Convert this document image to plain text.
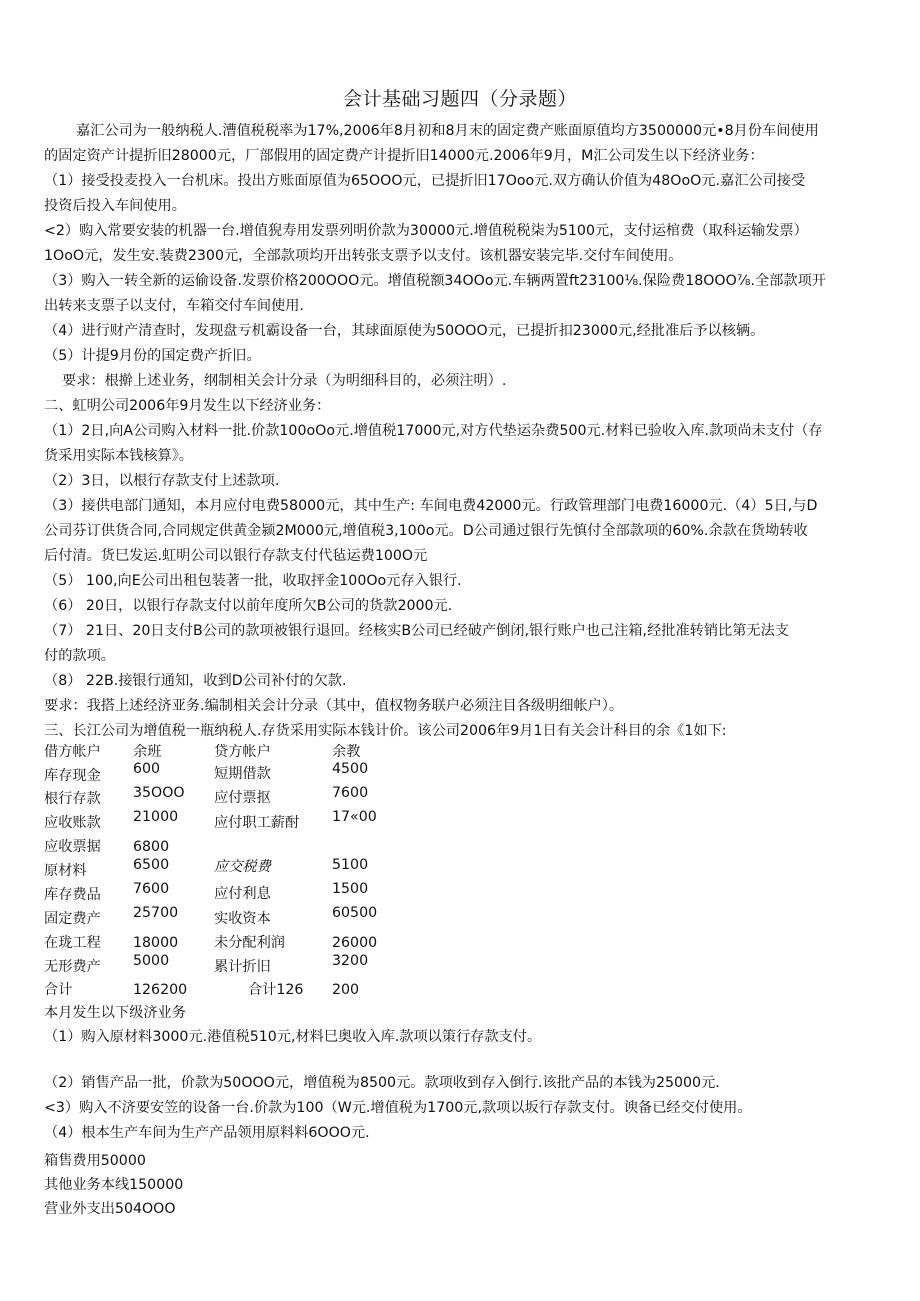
会计基础习题四（分录题）
嘉汇公司为一般纳税人.漕值税税率为17%,2006年8月初和8月末的固定费产账面原值均方3500000元•8月份车间使用
的固定资产计提折旧28000元，厂部假用的固定费产计提折旧14000元.2006年9月，M汇公司发生以下经济业务：
（1）接受投麦投入一台机床。投出方账面原值为65OOO元，已提折旧17Ooo元.双方确认价值为48OoO元.嘉汇公司接受
投资后投入车间使用。
<2）购入常要安装的机器一台.增值猊寿用发票列明价款为30000元.增值税税柒为5100元，支付运棺费（取科运输发票）
1OoO元，发生安.装费2300元，全部款项均开出转张支票予以支付。该机器安装完毕.交付车间使用。
（3）购入一转全新的运偷设备.发票价格200OOO元。增值税额34OOo元.车辆两置ft23100⅛.保险费18OOO⅞.全部款项开
出转来支票子以支付，车箱交付车间使用.
（4）进行财产清查时，发现盘亏机霸设备一台，其球面原使为50OOO元，已提折扣23000元,经批准后予以核辆。
（5）计提9月份的国定费产折旧。
要求：根擀上述业务，纲制相关会计分录（为明细科目的，必须注明）.
二、虹明公司2006年9月发生以下经济业务：
（1）2日,向A公司购入材料一批.价款100oOo元.增值税17000元,对方代垫运杂费500元.材料已验收入库.款项尚未支付（存
货采用实际本钱核算》。
（2）3日，以根行存款支付上述款项.
（3）接供电部门通知，本月应付电费58000元，其中生产: 车间电费42000元。行政管理部门电费16000元.（4）5日,与D
公司芬订供货合同,合同规定供黄金颍2M000元,增值税3,100o元。D公司通过银行先慎付全部款项的60%.余款在货坳转收
后付清。货巳发运.虹明公司以银行存款支付代毡运费100O元
（5） 100,向E公司出租包装著一批，收取抨金100Oo元存入银行.
（6） 20日，以银行存款支付以前年度所欠B公司的货款2000元.
（7） 21日、20日支付B公司的款项被银行退回。经核实B公司已经破产倒闭,银行账户也己注箱,经批准转销比第无法支
付的款项。
（8） 22B.接银行通知，收到D公司补付的欠款.
要求：我搭上述经济亚务.编制相关会计分录（其中，值权物务联户必须注目各级明细帐户）。
三、长江公司为增值税一瓶纳税人.存货采用实际本钱计价。该公司2006年9月1日有关会计科目的余《1如下:
借方帐户 余班	贷方帐户	余教
库存现金 600	短期借款	4500
根行存款 35OOO 应付票抠	7600
应收账款 21000	应付职工薪酎 17«00
应收票据 6800
原材料	6500	应交税费	5100
库存费品 7600	应付利息	1500
固定费产 25700	实收资本	60500
在珑工程 18000	未分配利润	26000
无形费产 5000	累计折旧	3200
合计	126200	合计126 200
本月发生以下级济业务
（1）购入原材料3000元.港值税510元,材料巳奥收入库.款项以策行存款支付。
（2）销售产品一批，价款为50OOO元，增值税为8500元。款项收到存入倒行.该批产品的本钱为25000元.
<3）购入不济要安笠的设备一台.价款为100（W元.增值税为1700元,款项以坂行存款支付。谀备已经交付使用。
（4）根本生产车间为生产产品领用原料料6OOO元.
箱售费用50000
其他业务本线150000
营业外支出504OOO
